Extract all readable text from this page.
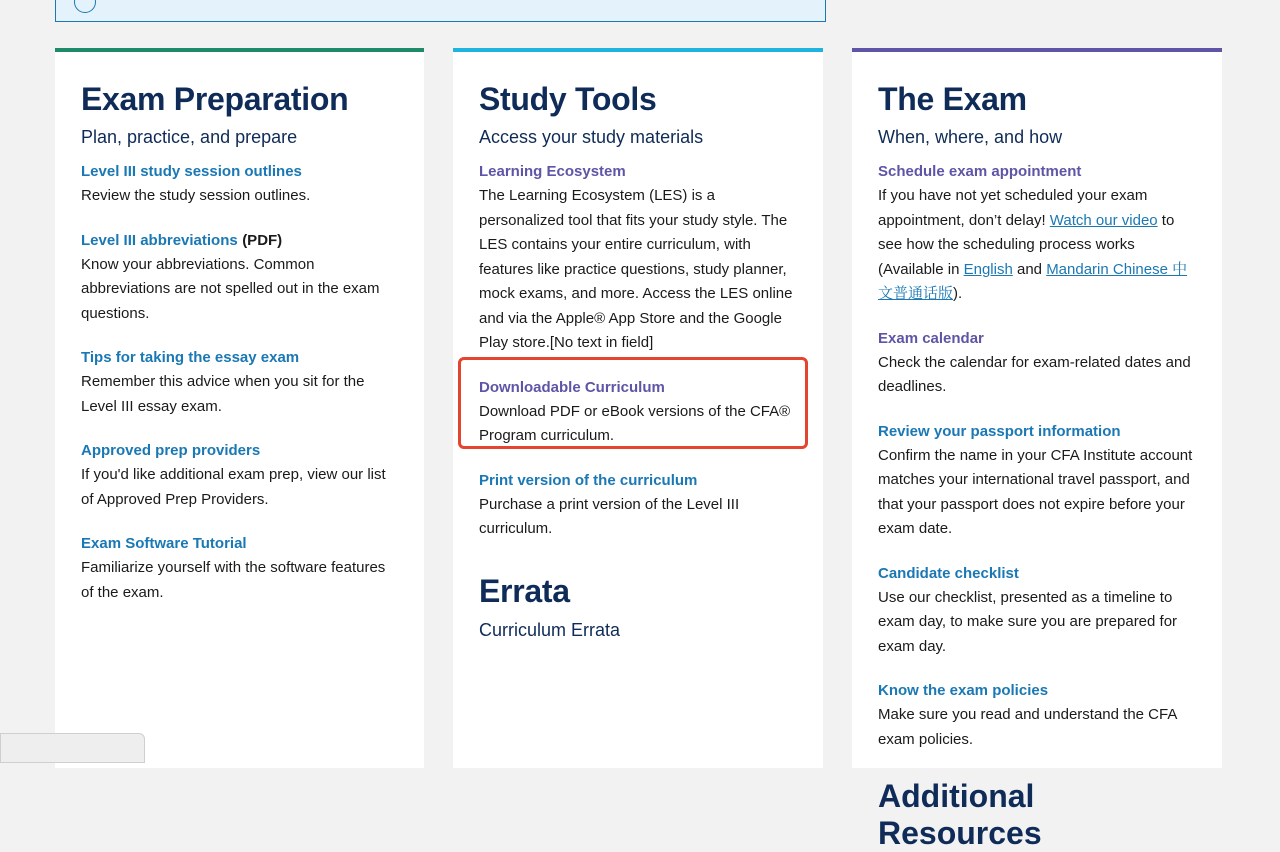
Exam Preparation
Plan, practice, and prepare
Level III study session outlines
Review the study session outlines.
Level III abbreviations (PDF)
Know your abbreviations. Common abbreviations are not spelled out in the exam questions.
Tips for taking the essay exam
Remember this advice when you sit for the Level III essay exam.
Approved prep providers
If you'd like additional exam prep, view our list of Approved Prep Providers.
Exam Software Tutorial
Familiarize yourself with the software features of the exam.
Study Tools
Access your study materials
Learning Ecosystem
The Learning Ecosystem (LES) is a personalized tool that fits your study style. The LES contains your entire curriculum, with features like practice questions, study planner, mock exams, and more. Access the LES online and via the Apple® App Store and the Google Play store.[No text in field]
Downloadable Curriculum
Download PDF or eBook versions of the CFA® Program curriculum.
Print version of the curriculum
Purchase a print version of the Level III curriculum.
Errata
Curriculum Errata
The Exam
When, where, and how
Schedule exam appointment
If you have not yet scheduled your exam appointment, don’t delay! Watch our video to see how the scheduling process works (Available in English and Mandarin Chinese 中文普通话版).
Exam calendar
Check the calendar for exam-related dates and deadlines.
Review your passport information
Confirm the name in your CFA Institute account matches your international travel passport, and that your passport does not expire before your exam date.
Candidate checklist
Use our checklist, presented as a timeline to exam day, to make sure you are prepared for exam day.
Know the exam policies
Make sure you read and understand the CFA exam policies.
Additional Resources
